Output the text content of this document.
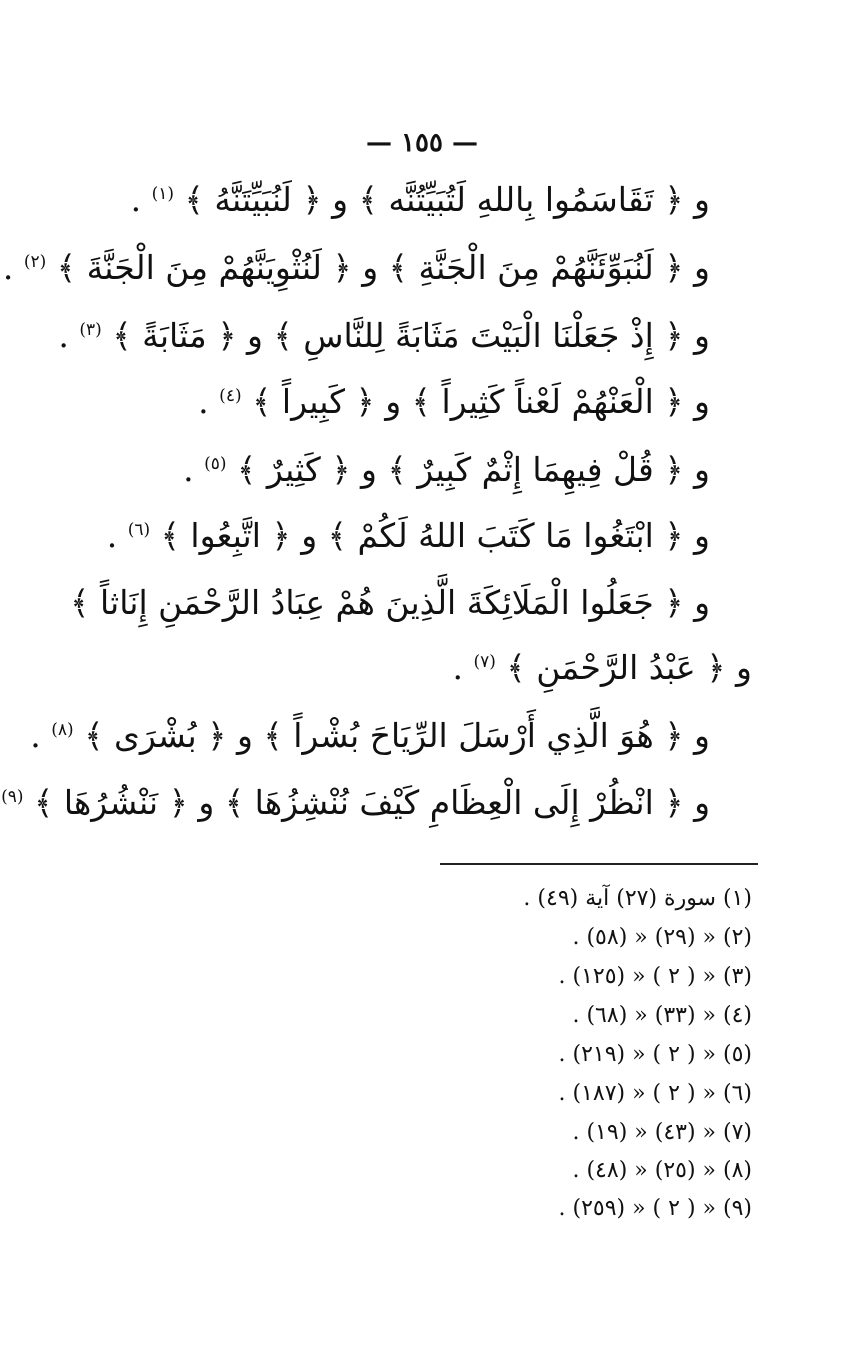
— ١٥٥ —
و ﴿ تَقَاسَمُوا بِاللهِ لَتُبَيِّتُنَّه ﴾ و ﴿ لَنُبَيِّتَنَّهُ ﴾ $^{(١)}$ .
و ﴿ لَنُبَوِّئَنَّهُمْ مِنَ الْجَنَّةِ ﴾ و ﴿ لَنُثْوِيَنَّهُمْ مِنَ الْجَنَّةَ ﴾ $^{(٢)}$ .
و ﴿ إِذْ جَعَلْنَا الْبَيْتَ مَثَابَةً لِلنَّاسِ ﴾ و ﴿ مَثَابَةً ﴾ $^{(٣)}$ .
و ﴿ الْعَنْهُمْ لَعْناً كَثِيراً ﴾ و ﴿ كَبِيراً ﴾ $^{(٤)}$ .
و ﴿ قُلْ فِيهِمَا إِثْمٌ كَبِيرٌ ﴾ و ﴿ كَثِيرٌ ﴾ $^{(٥)}$ .
و ﴿ ابْتَغُوا مَا كَتَبَ اللهُ لَكُمْ ﴾ و ﴿ اتَّبِعُوا ﴾ $^{(٦)}$ .
و ﴿ جَعَلُوا الْمَلَائِكَةَ الَّذِينَ هُمْ عِبَادُ الرَّحْمَنِ إِنَاثاً ﴾
و ﴿ عَبْدُ الرَّحْمَنِ ﴾ $^{(٧)}$ .
و ﴿ هُوَ الَّذِي أَرْسَلَ الرِّيَاحَ بُشْراً ﴾ و ﴿ بُشْرَى ﴾ $^{(٨)}$ .
و ﴿ انْظُرْ إِلَى الْعِظَامِ كَيْفَ نُنْشِزُهَا ﴾ و ﴿ نَنْشُرُهَا ﴾ $^{(٩)}$
(١) سورة (٢٧) آية (٤٩) .
(٢) « (٢٩) « (٥٨) .
(٣) « ( ٢ ) « (١٢٥) .
(٤) « (٣٣) « (٦٨) .
(٥) « ( ٢ ) « (٢١٩) .
(٦) « ( ٢ ) « (١٨٧) .
(٧) « (٤٣) « (١٩) .
(٨) « (٢٥) « (٤٨) .
(٩) « ( ٢ ) « (٢٥٩) .
